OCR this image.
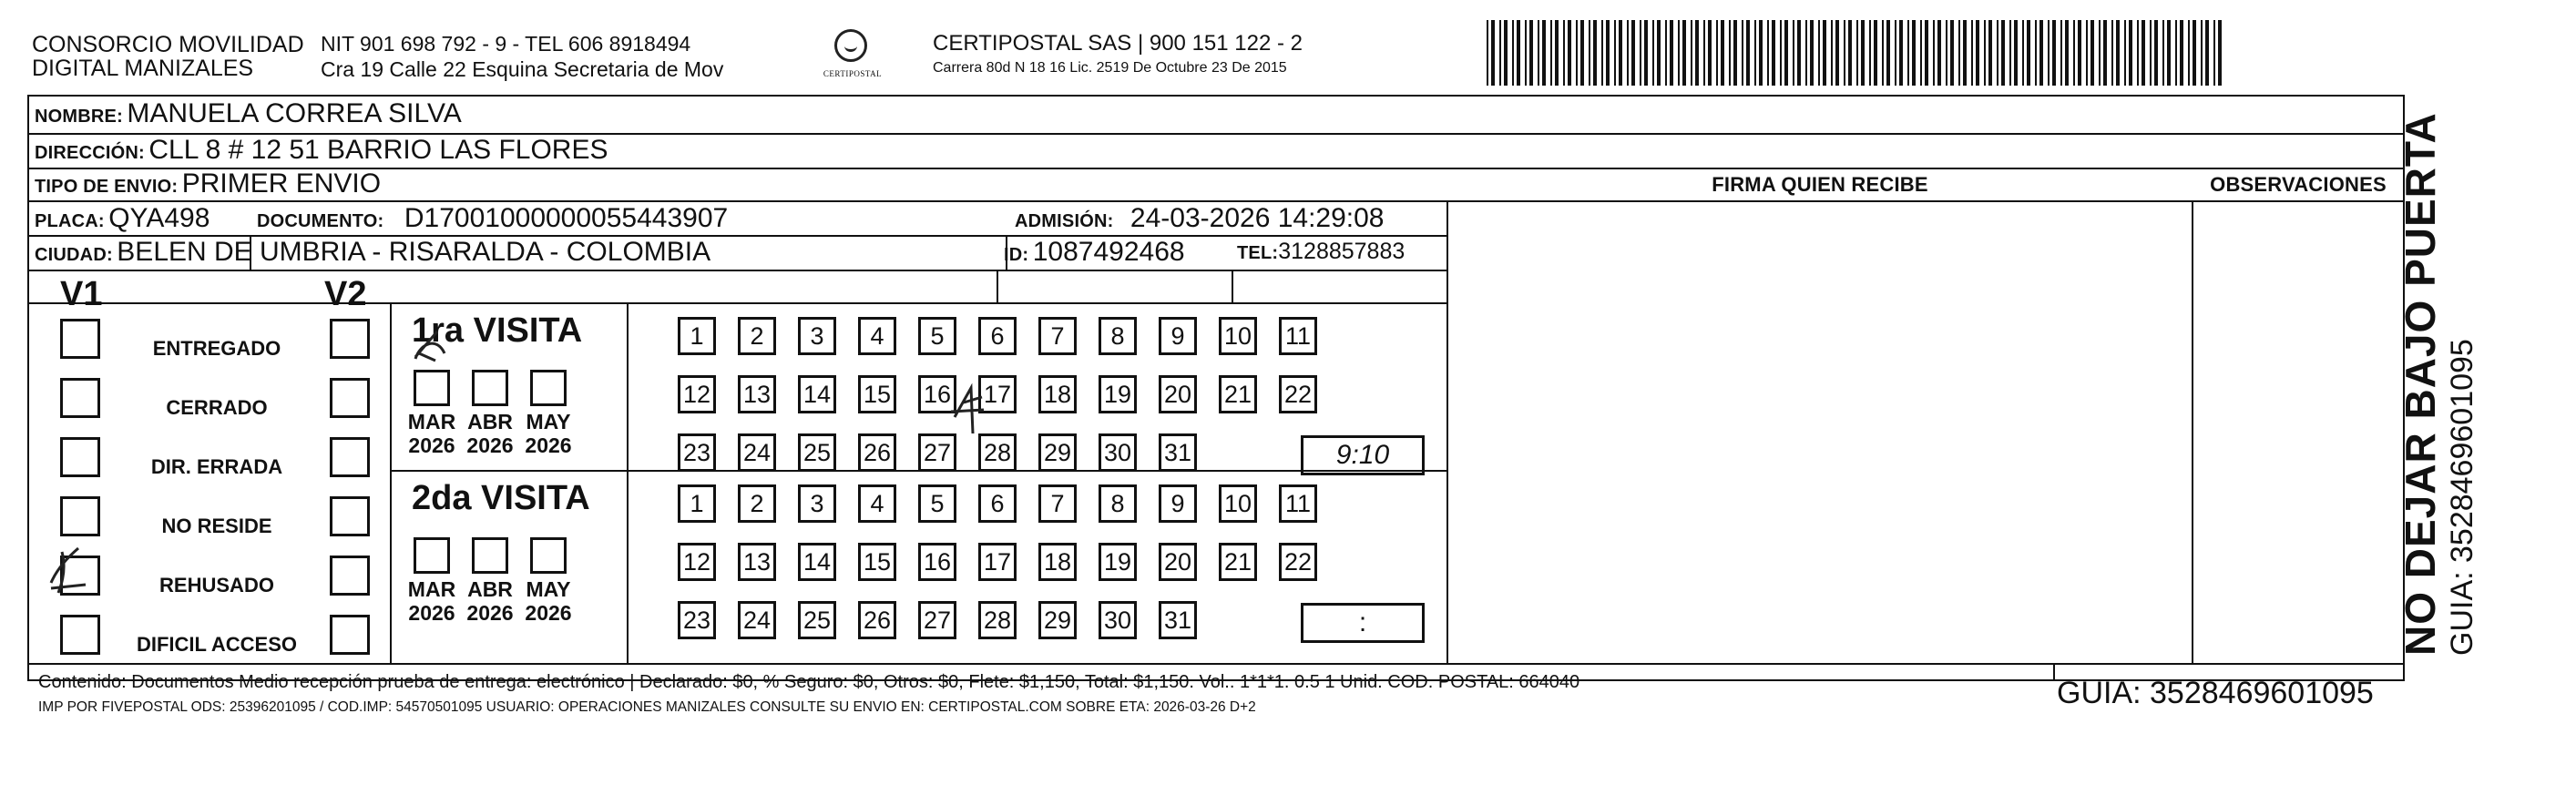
CONSORCIO MOVILIDAD
DIGITAL MANIZALES
NIT 901 698 792 - 9 - TEL 606 8918494
Cra 19 Calle 22 Esquina Secretaria de Mov	CERTIPOSTAL
CERTIPOSTAL SAS | 900 151 122 - 2
Carrera 80d N 18 16 Lic. 2519 De Octubre 23 De 2015
NOMBRE: MANUELA CORREA SILVA
DIRECCIÓN: CLL 8 # 12 51 BARRIO LAS FLORES
TIPO DE ENVIO: PRIMER ENVIO	FIRMA QUIEN RECIBE	OBSERVACIONES
PLACA: QYA498	DOCUMENTO: D17001000000055443907	ADMISIÓN: 24-03-2026 14:29:08
CIUDAD: BELEN DE UMBRIA - RISARALDA - COLOMBIA	ID: 1087492468	TEL:3128857883
V1	V2
ENTREGADO
CERRADO
DIR. ERRADA
NO RESIDE
REHUSADO
DIFICIL ACCESO
1ra VISITA
MAR
2026
ABR
2026
MAY
2026
1	2	3	4	5	6	7	8	9	10 11
12 13 14 15 16 17 18 19 20 21 22
23 24 25 26 27 28 29 30 31	9:10
2da VISITA
MAR
2026
ABR
2026
MAY
2026
1	2	3	4	5	6	7	8	9	10 11
12 13 14 15 16 17 18 19 20 21 22
23 24 25 26 27 28 29 30 31	:
Contenido: Documentos Medio recepción prueba de entrega: electrónico | Declarado: $0, % Seguro: $0, Otros: $0, Flete: $1,150, Total: $1,150. Vol.. 1*1*1. 0.5 1 Unid. COD. POSTAL: 664040
IMP POR FIVEPOSTAL ODS: 25396201095 / COD.IMP: 54570501095 USUARIO: OPERACIONES MANIZALES CONSULTE SU ENVIO EN: CERTIPOSTAL.COM SOBRE ETA: 2026-03-26 D+2	GUIA: 3528469601095
NO DEJAR BAJO PUERTA GUIA: 3528469601095
